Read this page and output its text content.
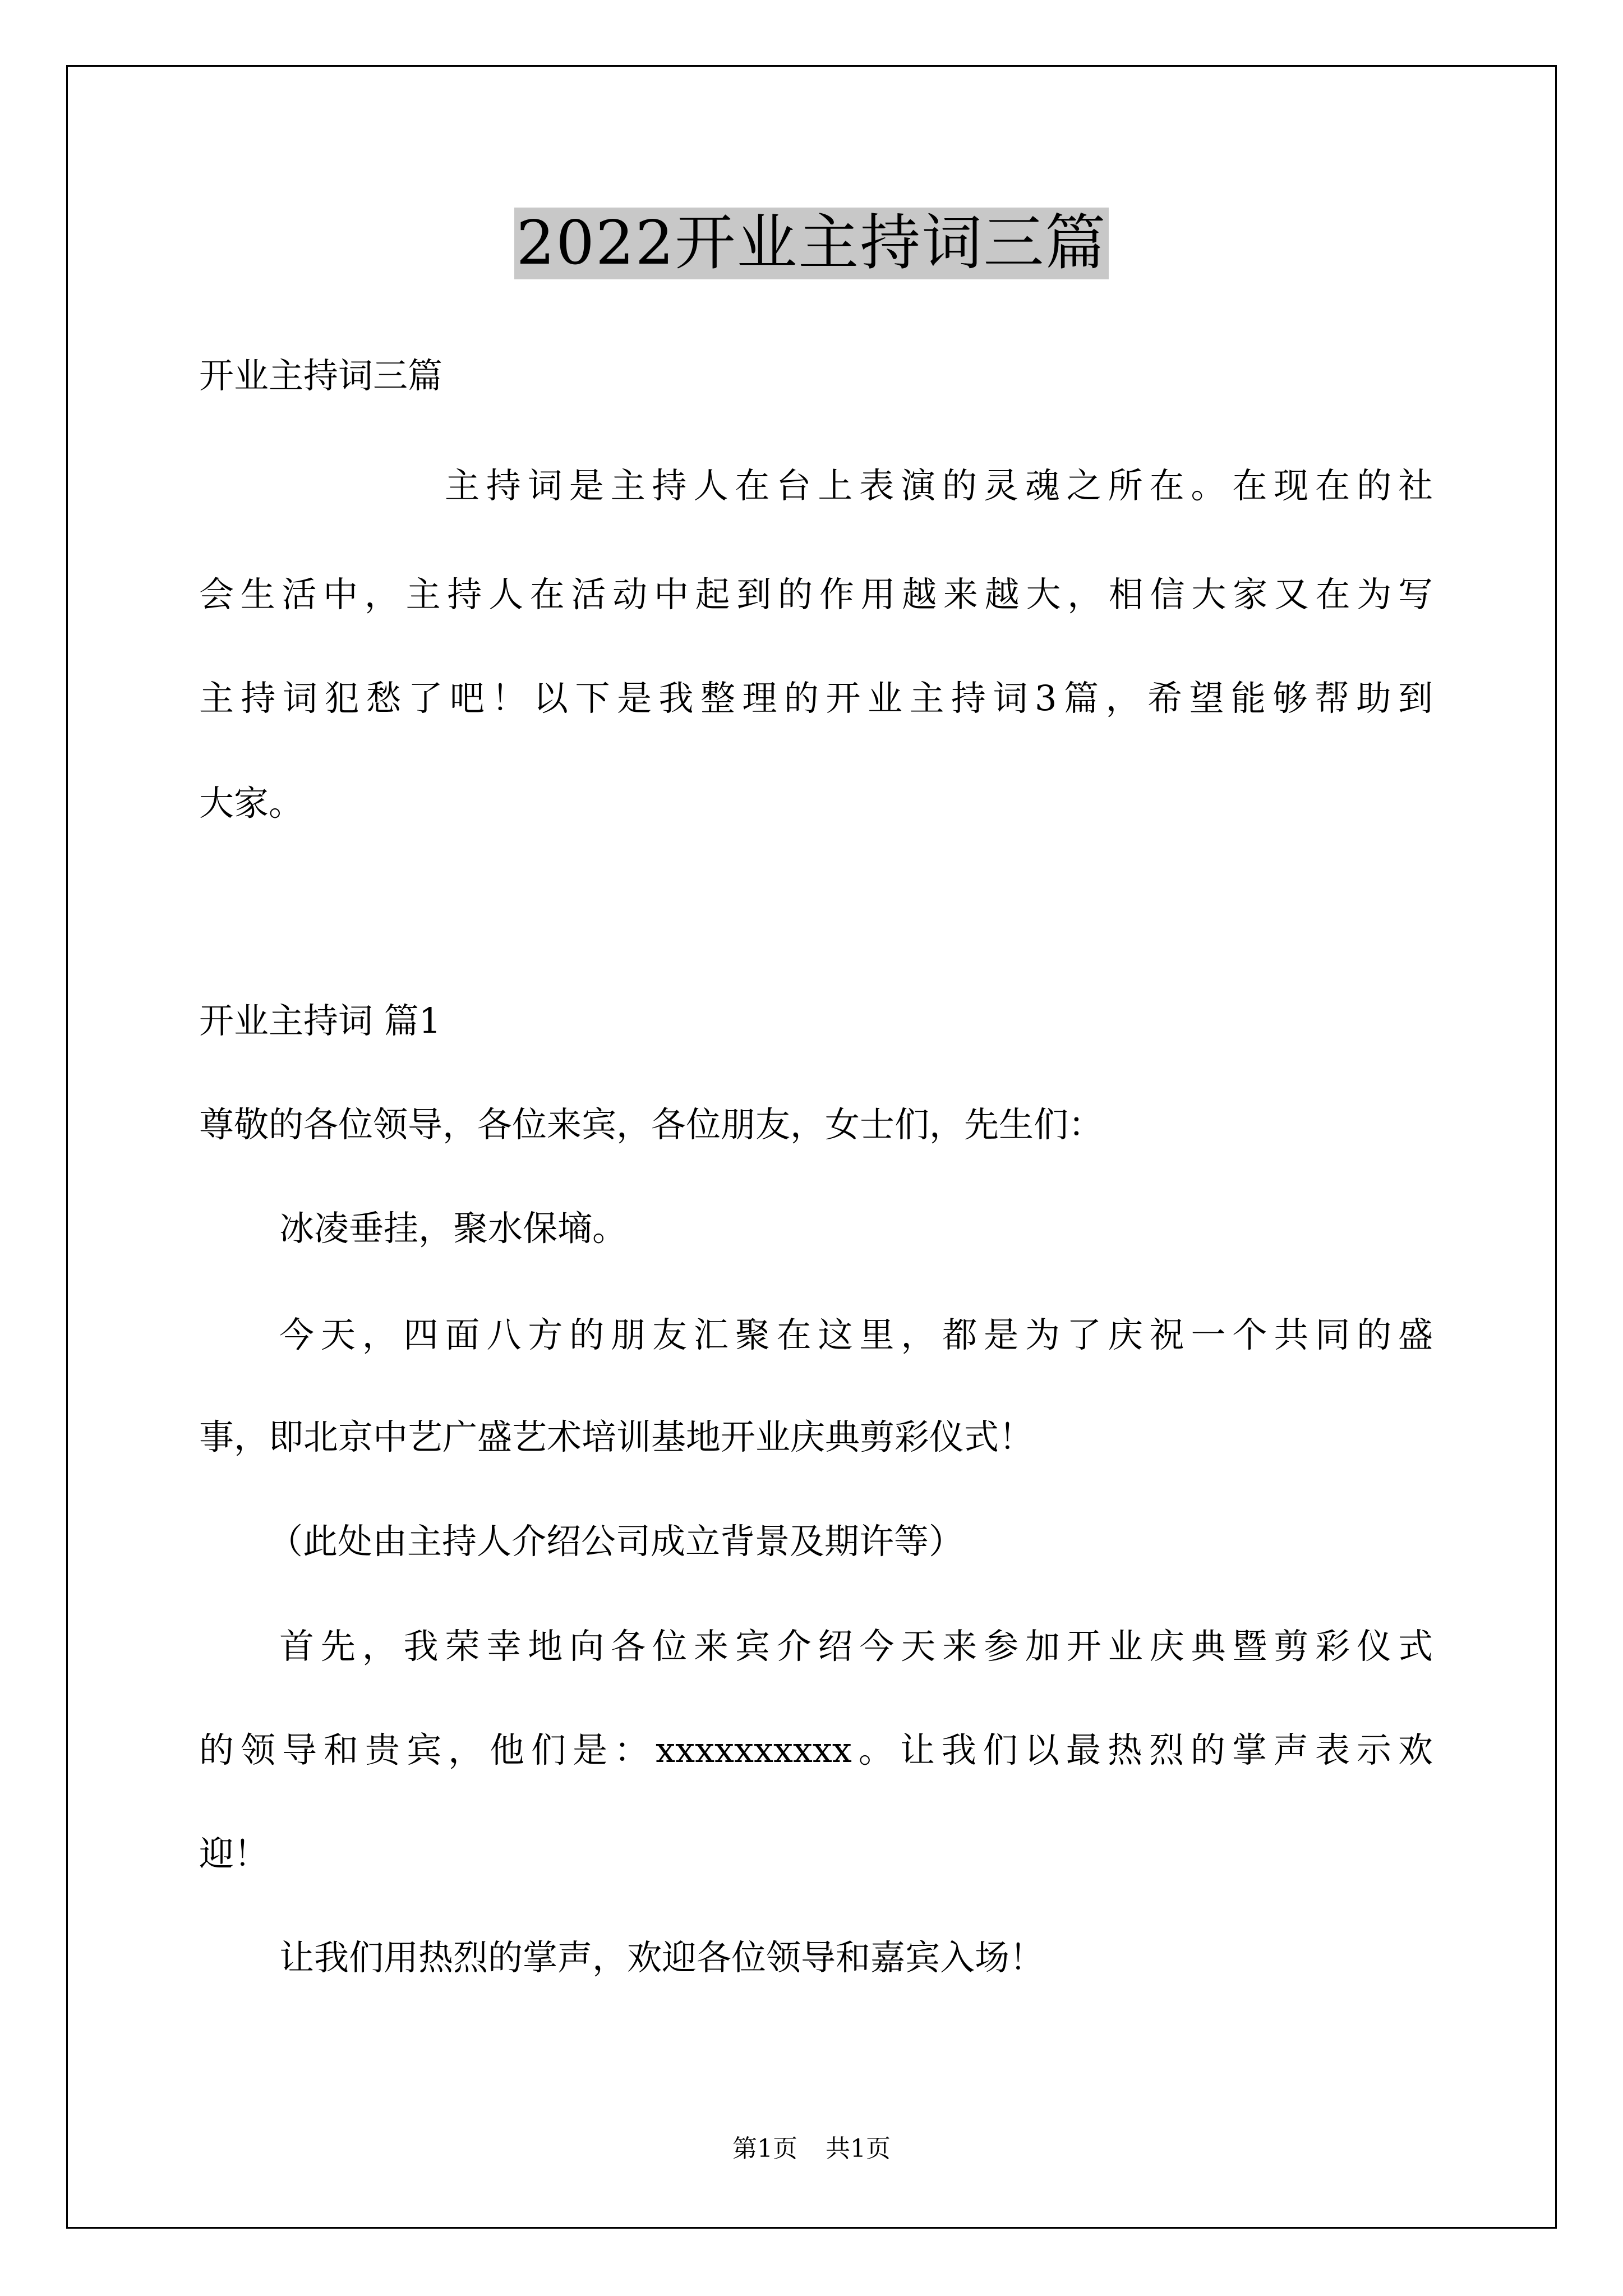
2022开业主持词三篇
开业主持词三篇
主持词是主持人在台上表演的灵魂之所在。在现在的社
会生活中，主持人在活动中起到的作用越来越大，相信大家又在为写
主持词犯愁了吧！以下是我整理的开业主持词3篇，希望能够帮助到
大家。
开业主持词 篇1
尊敬的各位领导，各位来宾，各位朋友，女士们，先生们：
冰凌垂挂，聚水保墒。
今天，四面八方的朋友汇聚在这里，都是为了庆祝一个共同的盛
事，即北京中艺广盛艺术培训基地开业庆典剪彩仪式！
（此处由主持人介绍公司成立背景及期许等）
首先，我荣幸地向各位来宾介绍今天来参加开业庆典暨剪彩仪式
的领导和贵宾，他们是：xxxxxxxxxx。让我们以最热烈的掌声表示欢
迎！
让我们用热烈的掌声，欢迎各位领导和嘉宾入场！
第1页 共1页
